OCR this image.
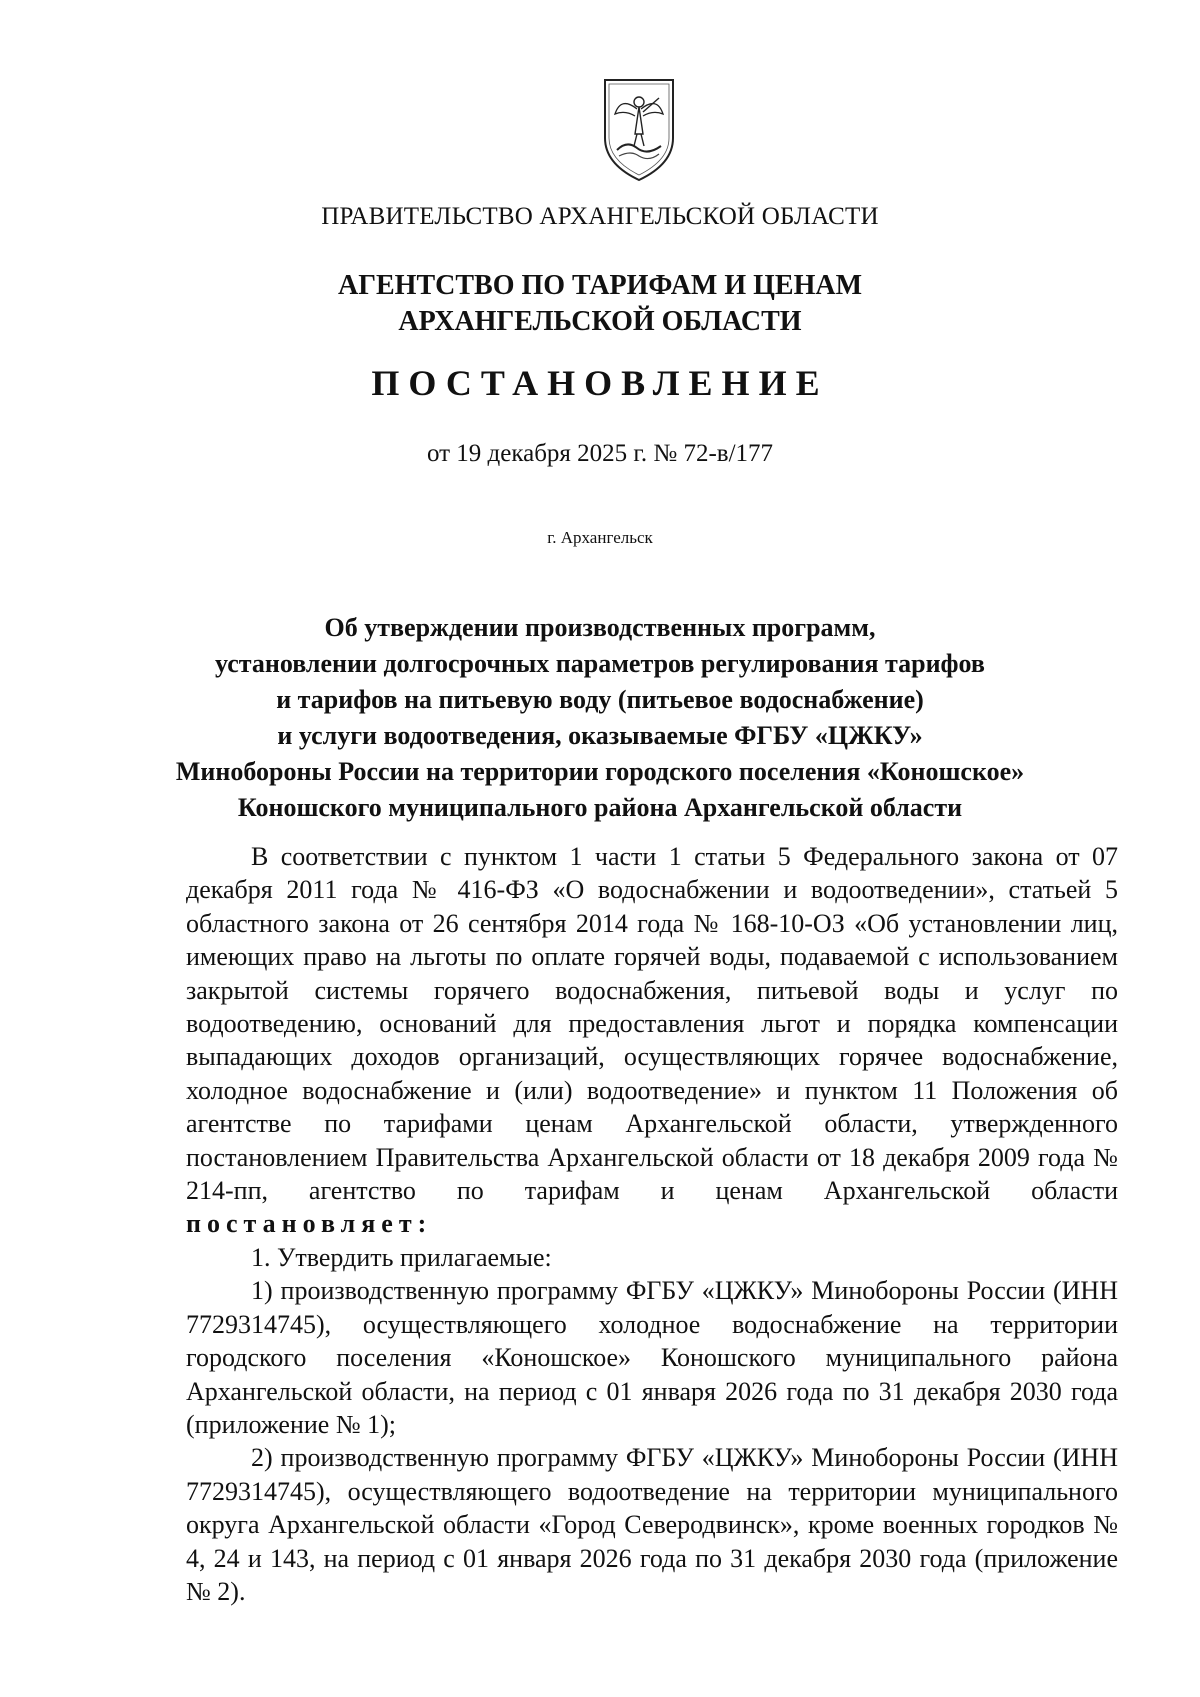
ПРАВИТЕЛЬСТВО АРХАНГЕЛЬСКОЙ ОБЛАСТИ
АГЕНТСТВО ПО ТАРИФАМ И ЦЕНАМ
АРХАНГЕЛЬСКОЙ ОБЛАСТИ
ПОСТАНОВЛЕНИЕ
от 19 декабря 2025 г. № 72-в/177
г. Архангельск
Об утверждении производственных программ,
установлении долгосрочных параметров регулирования тарифов
и тарифов на питьевую воду (питьевое водоснабжение)
и услуги водоотведения, оказываемые ФГБУ «ЦЖКУ»
Минобороны России на территории городского поселения «Коношское»
Коношского муниципального района Архангельской области

В соответствии с пунктом 1 части 1 статьи 5 Федерального закона от 07 декабря 2011 года № 416-ФЗ «О водоснабжении и водоотведении», статьей 5 областного закона от 26 сентября 2014 года № 168-10-ОЗ «Об установлении лиц, имеющих право на льготы по оплате горячей воды, подаваемой с использованием закрытой системы горячего водоснабжения, питьевой воды и услуг по водоотведению, оснований для предоставления льгот и порядка компенсации выпадающих доходов организаций, осуществляющих горячее водоснабжение, холодное водоснабжение и (или) водоотведение» и пунктом 11 Положения об агентстве по тарифами ценам Архангельской области, утвержденного постановлением Правительства Архангельской области от 18 декабря 2009 года № 214-пп, агентство по тарифам и ценам Архангельской области постановляет:

1. Утвердить прилагаемые:

1) производственную программу ФГБУ «ЦЖКУ» Минобороны России (ИНН 7729314745), осуществляющего холодное водоснабжение на территории городского поселения «Коношское» Коношского муниципального района Архангельской области, на период с 01 января 2026 года по 31 декабря 2030 года (приложение № 1);

2) производственную программу ФГБУ «ЦЖКУ» Минобороны России (ИНН 7729314745), осуществляющего водоотведение на территории муниципального округа Архангельской области «Город Северодвинск», кроме военных городков № 4, 24 и 143, на период с 01 января 2026 года по 31 декабря 2030 года (приложение № 2).
